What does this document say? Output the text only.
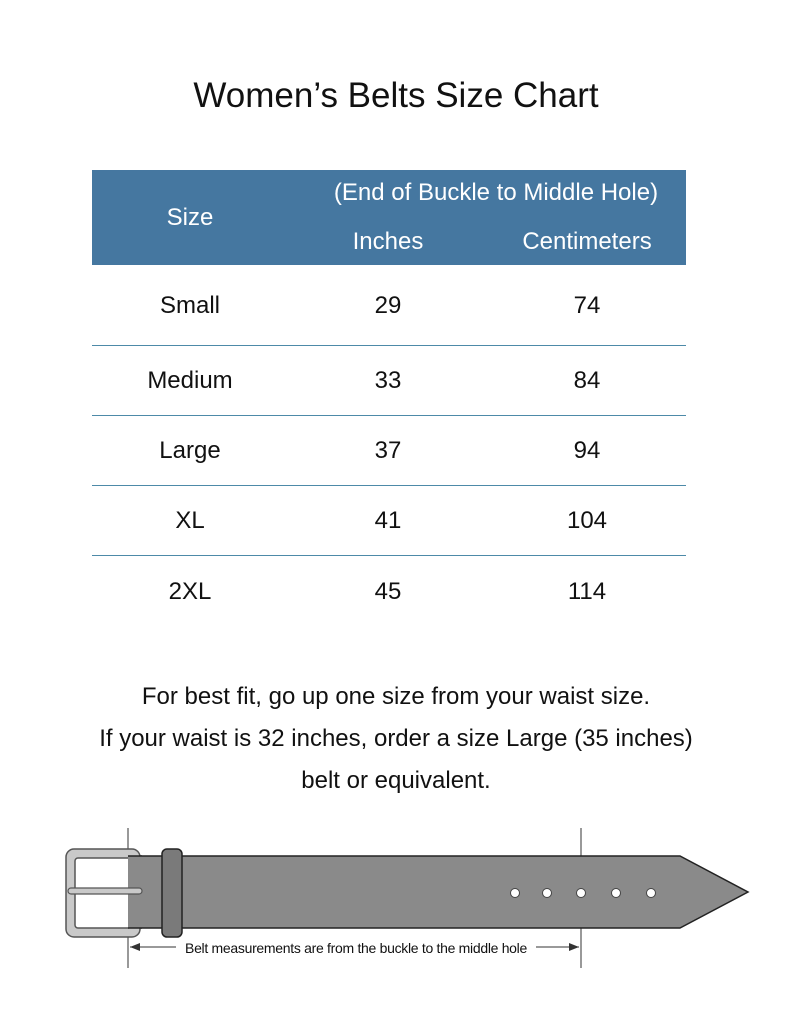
Women’s Belts Size Chart
Size
(End of Buckle to Middle Hole)
Inches	Centimeters
Small	29	74
Medium	33	84
Large	37	94
XL	41	104
2XL	45	114
For best fit, go up one size from your waist size.
If your waist is 32 inches, order a size Large (35 inches)
belt or equivalent.
Belt measurements are from the buckle to the middle hole
